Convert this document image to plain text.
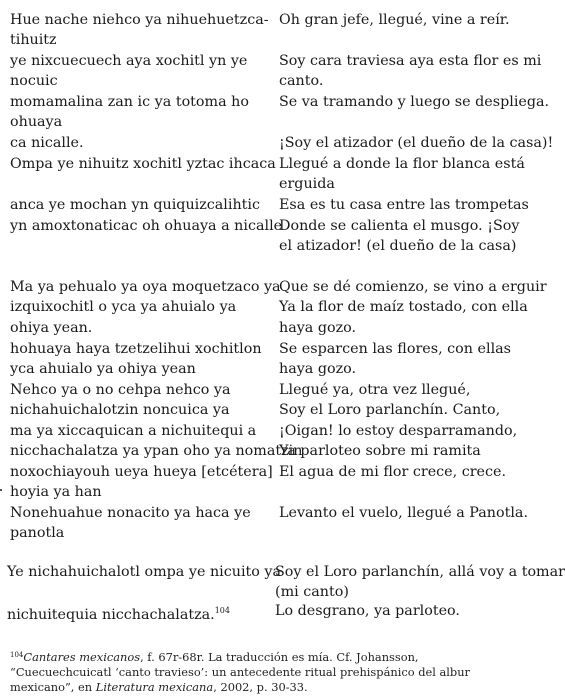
Hue nache niehco ya nihuehuetzca-
tihuitz
ye nixcuecuech aya xochitl yn ye
nocuic
momamalina zan ic ya totoma ho
ohuaya
ca nicalle.
Ompa ye nihuitz xochitl yztac ihcaca
anca ye mochan yn quiquizcalihtic
yn amoxtonaticac oh ohuaya a nicalle
Ma ya pehualo ya oya moquetzaco ya
izquixochitl o yca ya ahuialo ya
ohiya yean.
hohuaya haya tzetzelihui xochitlon
yca ahuialo ya ohiya yean
Nehco ya o no cehpa nehco ya
nichahuichalotzin noncuica ya
ma ya xiccaquican a nichuitequi a
nicchachalatza ya ypan oho ya nomatzin
noxochiayouh ueya hueya [etcétera]
hoyia ya han
Nonehuahue nonacito ya haca ye
panotla
Ye nichahuichalotl ompa ye nicuito ya
nichuitequia nicchachalatza.$^{104}$
Oh gran jefe, llegué, vine a reír.
Soy cara traviesa aya esta flor es mi
canto.
Se va tramando y luego se despliega.
¡Soy el atizador (el dueño de la casa)!
Llegué a donde la flor blanca está
erguida
Esa es tu casa entre las trompetas
Donde se calienta el musgo. ¡Soy
el atizador! (el dueño de la casa)
Que se dé comienzo, se vino a erguir
Ya la flor de maíz tostado, con ella
haya gozo.
Se esparcen las flores, con ellas
haya gozo.
Llegué ya, otra vez llegué,
Soy el Loro parlanchín. Canto,
¡Oigan! lo estoy desparramando,
Ya parloteo sobre mi ramita
El agua de mi flor crece, crece.
Levanto el vuelo, llegué a Panotla.
Soy el Loro parlanchín, allá voy a tomar
(mi canto)
Lo desgrano, ya parloteo.
$^{104}$Cantares mexicanos, f. 67r-68r. La traducción es mía. Cf. Johansson, “Cuecuechcuicatl ‘canto travieso’: un antecedente ritual prehispánico del albur mexicano”, en Literatura mexicana, 2002, p. 30-33.
